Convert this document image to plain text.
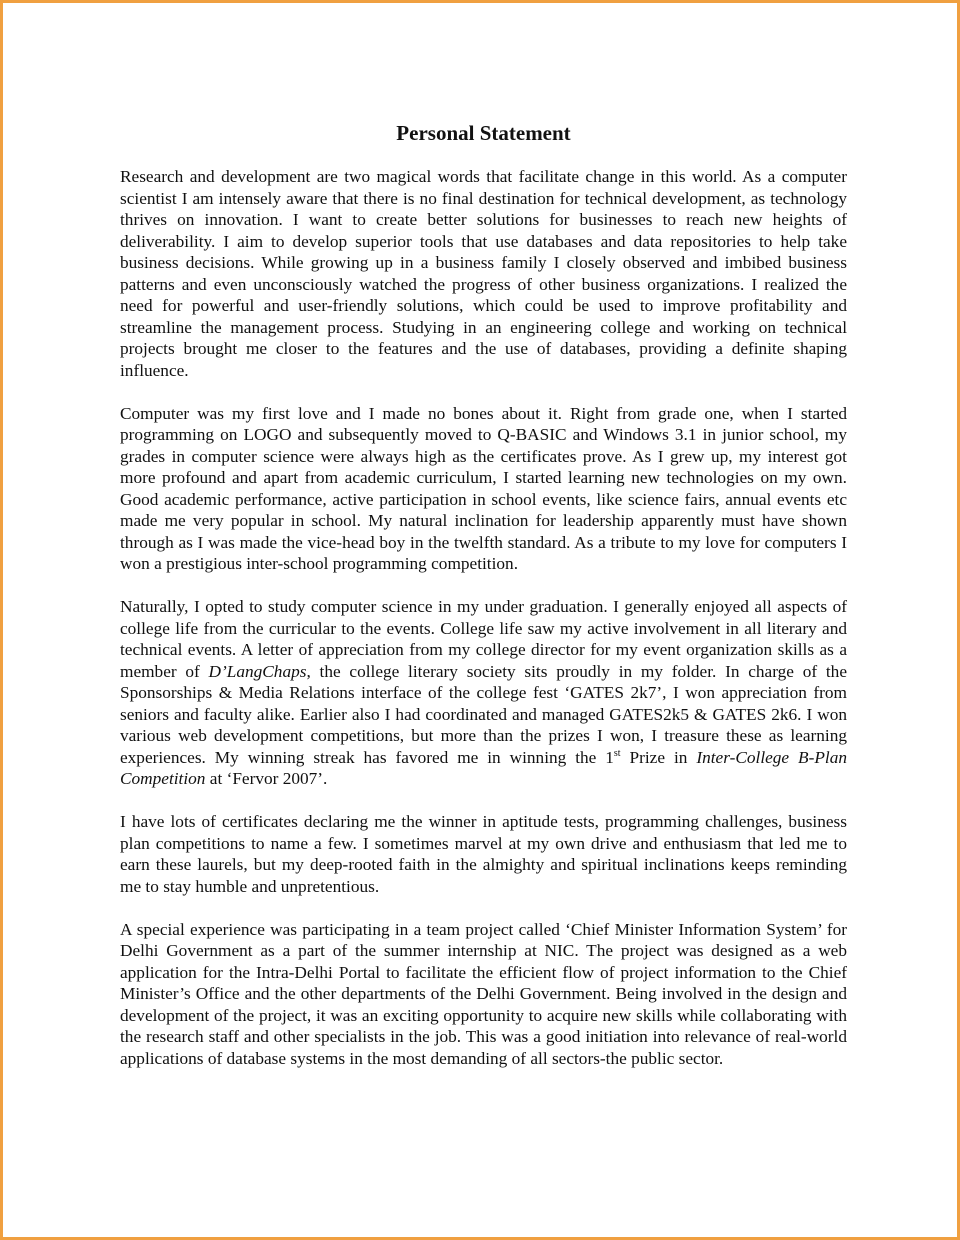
Personal Statement

Research and development are two magical words that facilitate change in this world. As a computer scientist I am intensely aware that there is no final destination for technical development, as technology thrives on innovation. I want to create better solutions for businesses to reach new heights of deliverability. I aim to develop superior tools that use databases and data repositories to help take business decisions. While growing up in a business family I closely observed and imbibed business patterns and even unconsciously watched the progress of other business organizations. I realized the need for powerful and user-friendly solutions, which could be used to improve profitability and streamline the management process. Studying in an engineering college and working on technical projects brought me closer to the features and the use of databases, providing a definite shaping influence.

Computer was my first love and I made no bones about it. Right from grade one, when I started programming on LOGO and subsequently moved to Q-BASIC and Windows 3.1 in junior school, my grades in computer science were always high as the certificates prove. As I grew up, my interest got more profound and apart from academic curriculum, I started learning new technologies on my own. Good academic performance, active participation in school events, like science fairs, annual events etc made me very popular in school. My natural inclination for leadership apparently must have shown through as I was made the vice-head boy in the twelfth standard. As a tribute to my love for computers I won a prestigious inter-school programming competition.

Naturally, I opted to study computer science in my under graduation. I generally enjoyed all aspects of college life from the curricular to the events. College life saw my active involvement in all literary and technical events. A letter of appreciation from my college director for my event organization skills as a member of D’LangChaps, the college literary society sits proudly in my folder. In charge of the Sponsorships & Media Relations interface of the college fest ‘GATES 2k7’, I won appreciation from seniors and faculty alike. Earlier also I had coordinated and managed GATES2k5 & GATES 2k6. I won various web development competitions, but more than the prizes I won, I treasure these as learning experiences. My winning streak has favored me in winning the 1st Prize in Inter-College B-Plan Competition at ‘Fervor 2007’.

I have lots of certificates declaring me the winner in aptitude tests, programming challenges, business plan competitions to name a few. I sometimes marvel at my own drive and enthusiasm that led me to earn these laurels, but my deep-rooted faith in the almighty and spiritual inclinations keeps reminding me to stay humble and unpretentious.

A special experience was participating in a team project called ‘Chief Minister Information System’ for Delhi Government as a part of the summer internship at NIC. The project was designed as a web application for the Intra-Delhi Portal to facilitate the efficient flow of project information to the Chief Minister’s Office and the other departments of the Delhi Government. Being involved in the design and development of the project, it was an exciting opportunity to acquire new skills while collaborating with the research staff and other specialists in the job. This was a good initiation into relevance of real-world applications of database systems in the most demanding of all sectors-the public sector.
